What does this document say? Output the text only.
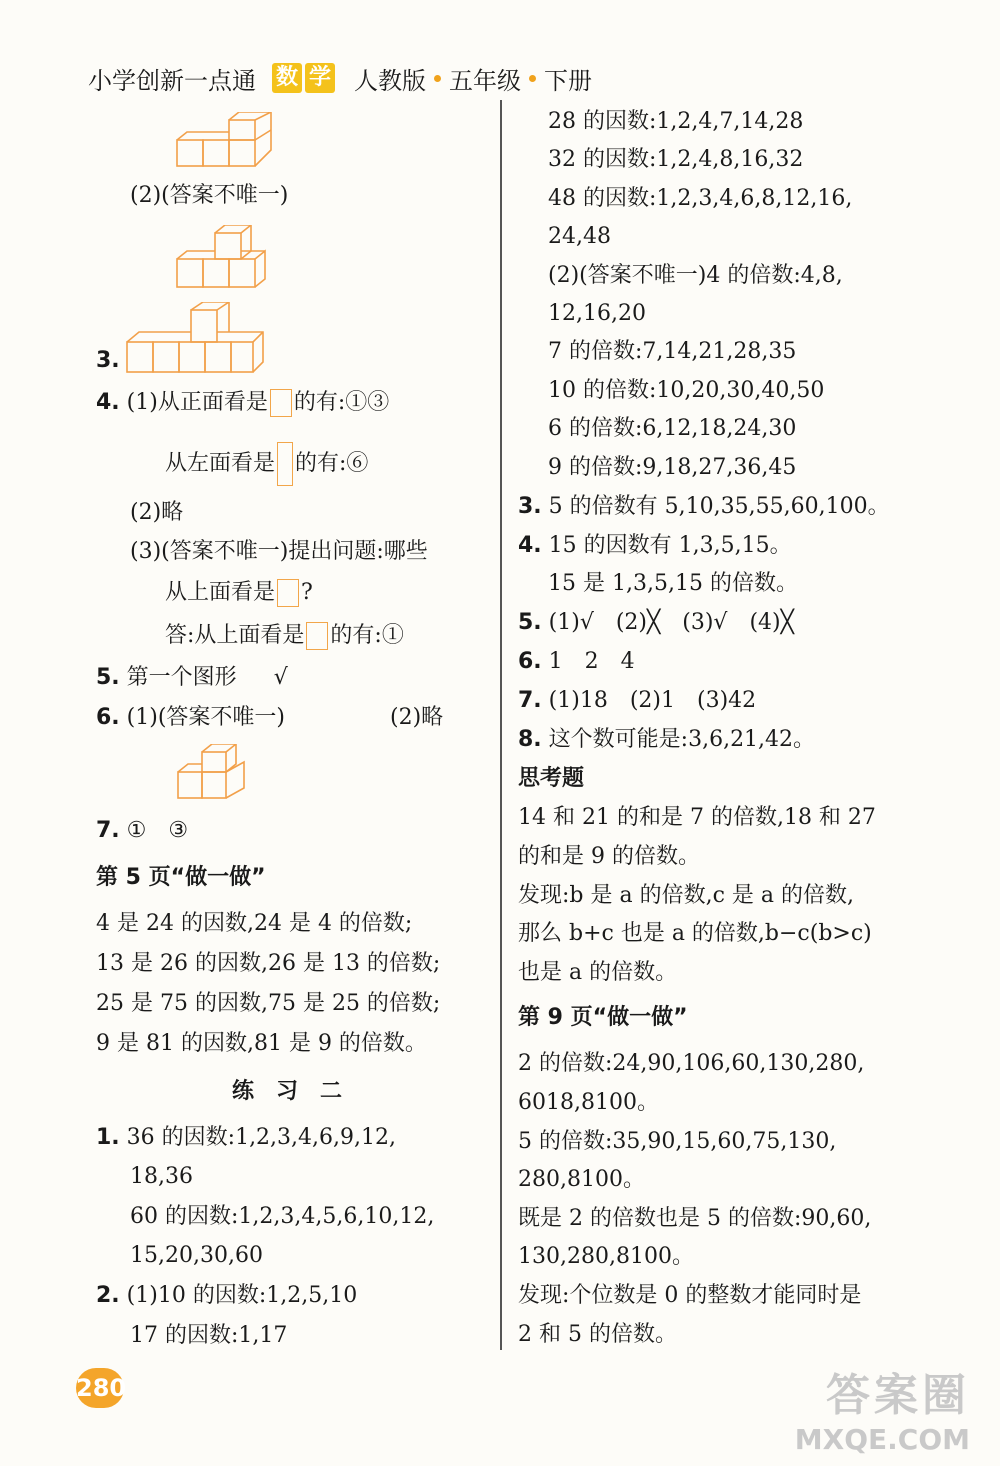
小学创新一点通 数 学 人教版 五年级 下册
(2)(答案不唯一)
3.
4. (1)从正面看是 的有:①③
从左面看是 的有:⑥
(2)略
(3)(答案不唯一)提出问题:哪些
从上面看是 ?
答:从上面看是 的有:①
5. 第一个图形 √
6. (1)(答案不唯一)	(2)略
7. ①　③
第 5 页“做一做”
4 是 24 的因数,24 是 4 的倍数;
13 是 26 的因数,26 是 13 的倍数;
25 是 75 的因数,75 是 25 的倍数;
9 是 81 的因数,81 是 9 的倍数。
练　习　二
1. 36 的因数:1,2,3,4,6,9,12,
18,36
60 的因数:1,2,3,4,5,6,10,12,
15,20,30,60
2. (1)10 的因数:1,2,5,10
17 的因数:1,17
28 的因数:1,2,4,7,14,28
32 的因数:1,2,4,8,16,32
48 的因数:1,2,3,4,6,8,12,16,
24,48
(2)(答案不唯一)4 的倍数:4,8,
12,16,20
7 的倍数:7,14,21,28,35
10 的倍数:10,20,30,40,50
6 的倍数:6,12,18,24,30
9 的倍数:9,18,27,36,45
3. 5 的倍数有 5,10,35,55,60,100。
4. 15 的因数有 1,3,5,15。
15 是 1,3,5,15 的倍数。
5. (1)√　(2)╳　(3)√　(4)╳
6. 1　2　4
7. (1)18　(2)1　(3)42
8. 这个数可能是:3,6,21,42。
思考题
14 和 21 的和是 7 的倍数,18 和 27
的和是 9 的倍数。
发现:b 是 a 的倍数,c 是 a 的倍数,
那么 b+c 也是 a 的倍数,b−c(b>c)
也是 a 的倍数。
第 9 页“做一做”
2 的倍数:24,90,106,60,130,280,
6018,8100。
5 的倍数:35,90,15,60,75,130,
280,8100。
既是 2 的倍数也是 5 的倍数:90,60,
130,280,8100。
发现:个位数是 0 的整数才能同时是
2 和 5 的倍数。
280	答案圈
MXQE.COM
